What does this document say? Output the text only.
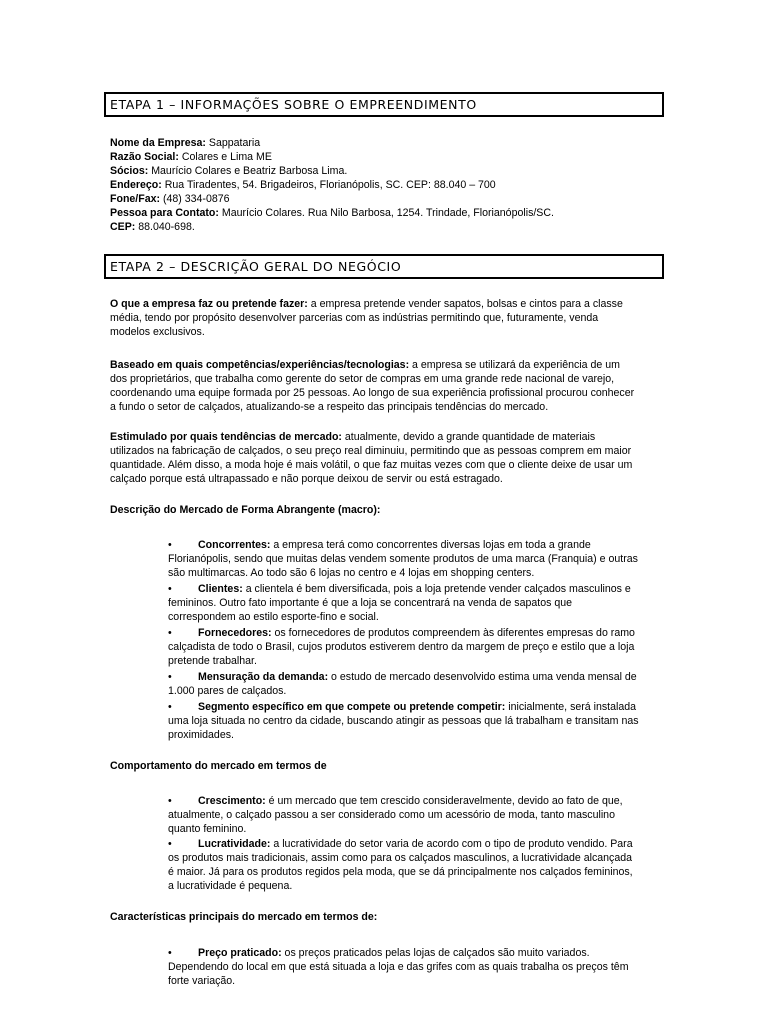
ETAPA 1 – INFORMAÇÕES SOBRE O EMPREENDIMENTO
Nome da Empresa: Sappataria
Razão Social: Colares e Lima ME
Sócios: Maurício Colares e Beatriz Barbosa Lima.
Endereço: Rua Tiradentes, 54. Brigadeiros, Florianópolis, SC. CEP: 88.040 – 700
Fone/Fax: (48) 334-0876
Pessoa para Contato: Maurício Colares. Rua Nilo Barbosa, 1254. Trindade, Florianópolis/SC.
CEP: 88.040-698.
ETAPA 2 – DESCRIÇÃO GERAL DO NEGÓCIO
O que a empresa faz ou pretende fazer: a empresa pretende vender sapatos, bolsas e cintos para a classe
média, tendo por propósito desenvolver parcerias com as indústrias permitindo que, futuramente, venda
modelos exclusivos.
Baseado em quais competências/experiências/tecnologias: a empresa se utilizará da experiência de um
dos proprietários, que trabalha como gerente do setor de compras em uma grande rede nacional de varejo,
coordenando uma equipe formada por 25 pessoas. Ao longo de sua experiência profissional procurou conhecer
a fundo o setor de calçados, atualizando-se a respeito das principais tendências do mercado.
Estimulado por quais tendências de mercado: atualmente, devido a grande quantidade de materiais
utilizados na fabricação de calçados, o seu preço real diminuiu, permitindo que as pessoas comprem em maior
quantidade. Além disso, a moda hoje é mais volátil, o que faz muitas vezes com que o cliente deixe de usar um
calçado porque está ultrapassado e não porque deixou de servir ou está estragado.
Descrição do Mercado de Forma Abrangente (macro):
• Concorrentes: a empresa terá como concorrentes diversas lojas em toda a grande
Florianópolis, sendo que muitas delas vendem somente produtos de uma marca (Franquia) e outras
são multimarcas. Ao todo são 6 lojas no centro e 4 lojas em shopping centers.
• Clientes: a clientela é bem diversificada, pois a loja pretende vender calçados masculinos e
femininos. Outro fato importante é que a loja se concentrará na venda de sapatos que
correspondem ao estilo esporte-fino e social.
• Fornecedores: os fornecedores de produtos compreendem às diferentes empresas do ramo
calçadista de todo o Brasil, cujos produtos estiverem dentro da margem de preço e estilo que a loja
pretende trabalhar.
• Mensuração da demanda: o estudo de mercado desenvolvido estima uma venda mensal de
1.000 pares de calçados.
• Segmento específico em que compete ou pretende competir: inicialmente, será instalada
uma loja situada no centro da cidade, buscando atingir as pessoas que lá trabalham e transitam nas
proximidades.
Comportamento do mercado em termos de
• Crescimento: é um mercado que tem crescido consideravelmente, devido ao fato de que,
atualmente, o calçado passou a ser considerado como um acessório de moda, tanto masculino
quanto feminino.
• Lucratividade: a lucratividade do setor varia de acordo com o tipo de produto vendido. Para
os produtos mais tradicionais, assim como para os calçados masculinos, a lucratividade alcançada
é maior. Já para os produtos regidos pela moda, que se dá principalmente nos calçados femininos,
a lucratividade é pequena.
Características principais do mercado em termos de:
• Preço praticado: os preços praticados pelas lojas de calçados são muito variados.
Dependendo do local em que está situada a loja e das grifes com as quais trabalha os preços têm
forte variação.
